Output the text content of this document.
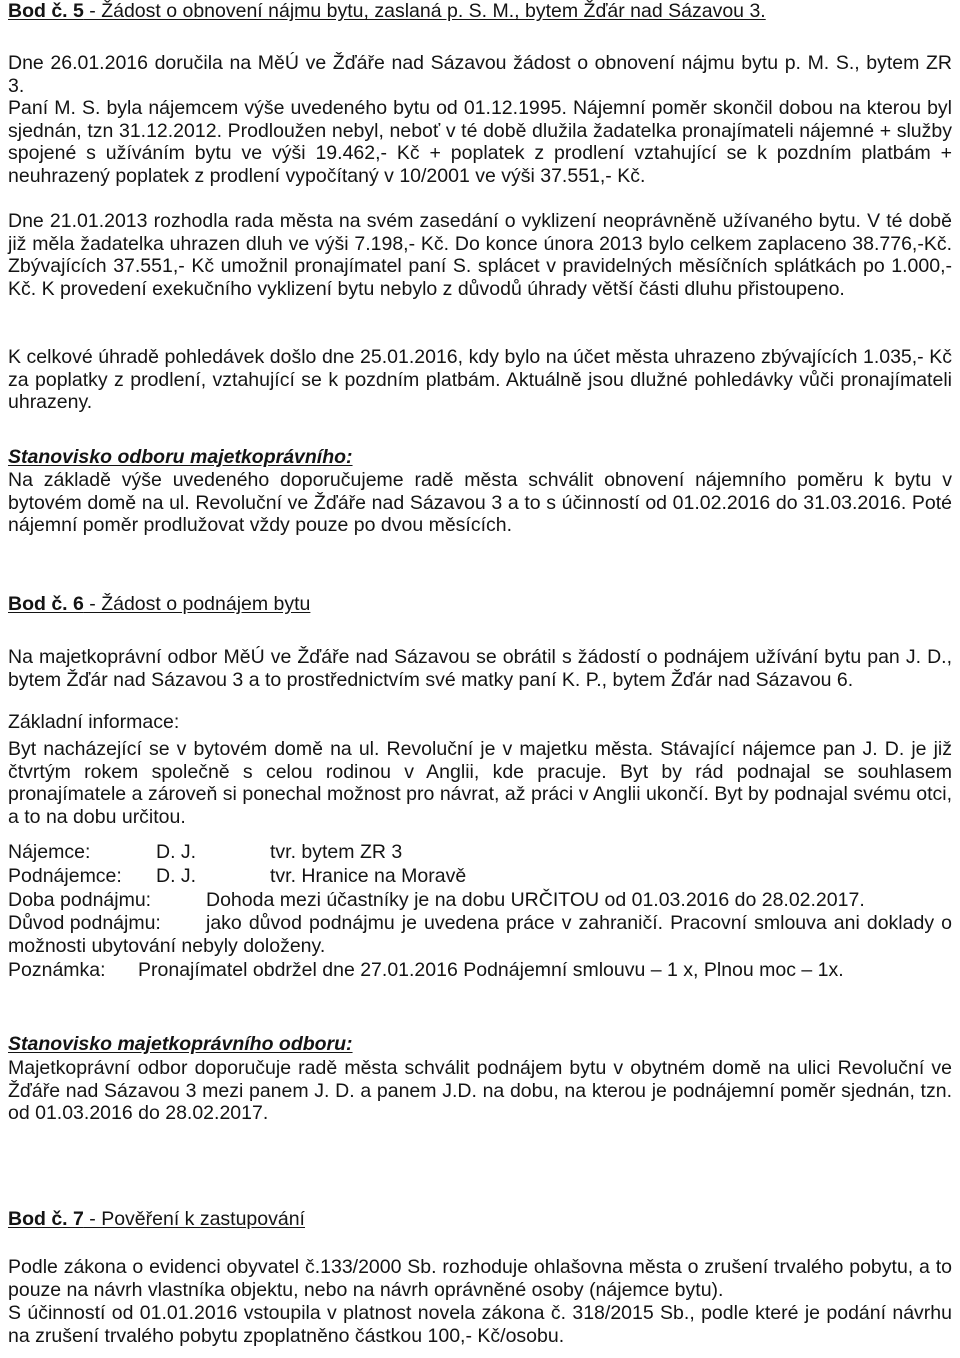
Bod č. 5 - Žádost o obnovení nájmu bytu, zaslaná p. S. M., bytem Žďár nad Sázavou 3.
Dne 26.01.2016 doručila na MěÚ ve Žďáře nad Sázavou žádost o obnovení nájmu bytu p. M. S., bytem ZR 3.
Paní M. S. byla nájemcem výše uvedeného bytu od 01.12.1995. Nájemní poměr skončil dobou na kterou byl sjednán, tzn 31.12.2012. Prodloužen nebyl, neboť v té době dlužila žadatelka pronajímateli nájemné + služby spojené s užíváním bytu ve výši 19.462,- Kč + poplatek z prodlení vztahující se k pozdním platbám + neuhrazený poplatek z prodlení vypočítaný v 10/2001 ve výši 37.551,- Kč.
Dne 21.01.2013 rozhodla rada města na svém zasedání o vyklizení neoprávněně užívaného bytu. V té době již měla žadatelka uhrazen dluh ve výši 7.198,- Kč. Do konce února 2013 bylo celkem zaplaceno 38.776,-Kč. Zbývajících 37.551,- Kč umožnil pronajímatel paní S. splácet v pravidelných měsíčních splátkách po 1.000,- Kč. K provedení exekučního vyklizení bytu nebylo z důvodů úhrady větší části dluhu přistoupeno.
K celkové úhradě pohledávek došlo dne 25.01.2016, kdy bylo na účet města uhrazeno zbývajících 1.035,- Kč za poplatky z prodlení, vztahující se k pozdním platbám. Aktuálně jsou dlužné pohledávky vůči pronajímateli uhrazeny.
Stanovisko odboru majetkoprávního:
Na základě výše uvedeného doporučujeme radě města schválit obnovení nájemního poměru k bytu v bytovém domě na ul. Revoluční ve Žďáře nad Sázavou 3 a to s účinností od 01.02.2016 do 31.03.2016. Poté nájemní poměr prodlužovat vždy pouze po dvou měsících.
Bod č. 6 - Žádost o podnájem bytu
Na majetkoprávní odbor MěÚ ve Žďáře nad Sázavou se obrátil s žádostí o podnájem užívání bytu pan J. D., bytem Žďár nad Sázavou 3 a to prostřednictvím své matky paní K. P., bytem Žďár nad Sázavou 6.
Základní informace:
Byt nacházející se v bytovém domě na ul. Revoluční je v majetku města. Stávající nájemce pan J. D. je již čtvrtým rokem společně s celou rodinou v Anglii, kde pracuje. Byt by rád podnajal se souhlasem pronajímatele a zároveň si ponechal možnost pro návrat, až práci v Anglii ukončí. Byt by podnajal svému otci, a to na dobu určitou.
Nájemce:	D. J.	tvr. bytem ZR 3
Podnájemce: D. J.	tvr. Hranice na Moravě
Doba podnájmu:	Dohoda mezi účastníky je na dobu URČITOU od 01.03.2016 do 28.02.2017.
Důvod podnájmu: jako důvod podnájmu je uvedena práce v zahraničí. Pracovní smlouva ani doklady o možnosti ubytování nebyly doloženy.
Poznámka: Pronajímatel obdržel dne 27.01.2016 Podnájemní smlouvu – 1 x, Plnou moc – 1x.
Stanovisko majetkoprávního odboru:
Majetkoprávní odbor doporučuje radě města schválit podnájem bytu v obytném domě na ulici Revoluční ve Žďáře nad Sázavou 3 mezi panem J. D. a panem J.D. na dobu, na kterou je podnájemní poměr sjednán, tzn. od 01.03.2016 do 28.02.2017.
Bod č. 7 - Pověření k zastupování
Podle zákona o evidenci obyvatel č.133/2000 Sb. rozhoduje ohlašovna města o zrušení trvalého pobytu, a to pouze na návrh vlastníka objektu, nebo na návrh oprávněné osoby (nájemce bytu).
S účinností od 01.01.2016 vstoupila v platnost novela zákona č. 318/2015 Sb., podle které je podání návrhu na zrušení trvalého pobytu zpoplatněno částkou 100,- Kč/osobu.
